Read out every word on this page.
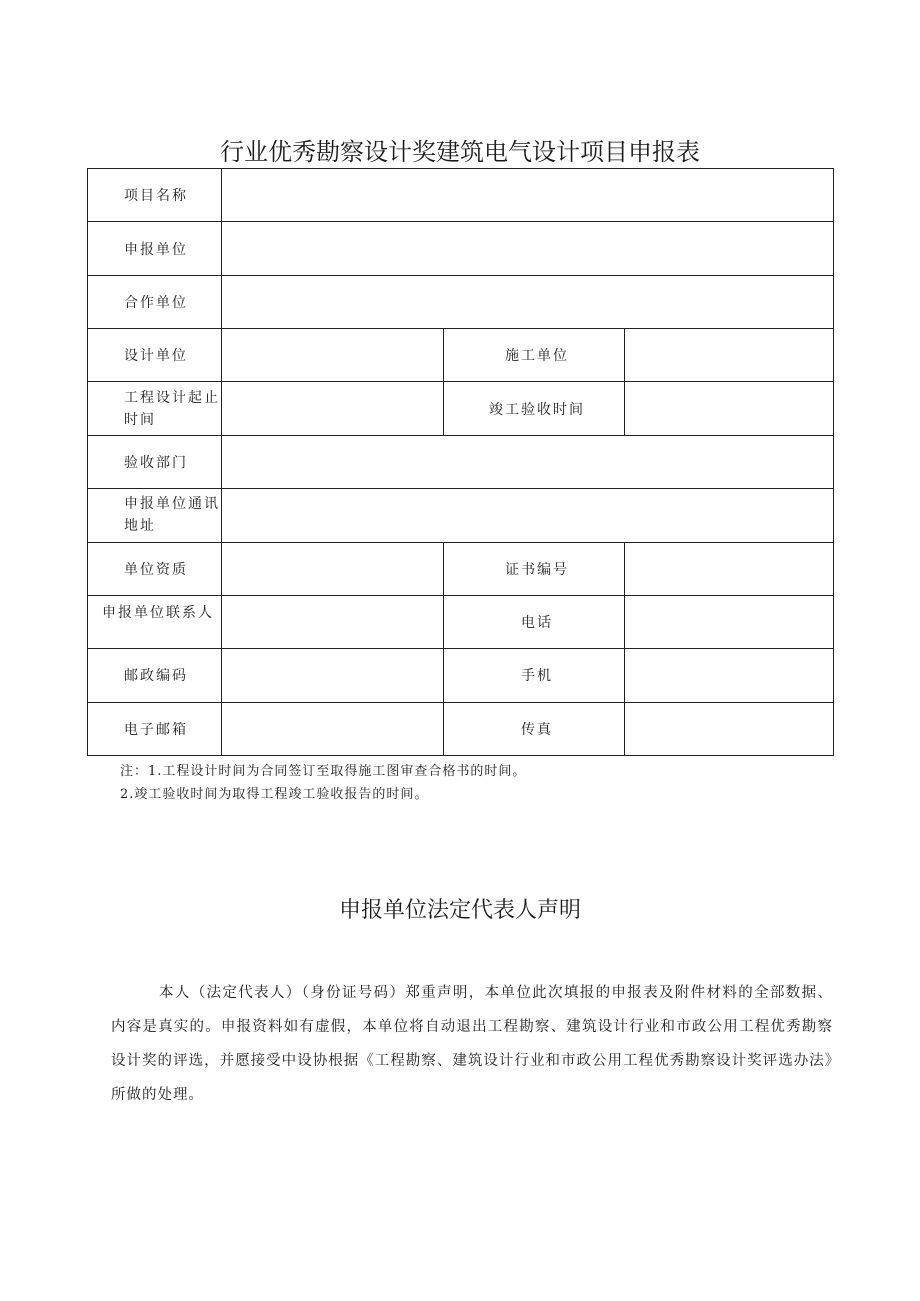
行业优秀勘察设计奖建筑电气设计项目申报表
项目名称			
申报单位			
合作单位			
设计单位		施工单位	

工程设计起止
时间		竣工验收时间	
验收部门			

申报单位通讯
地址			

单位资质		证书编号	
申报单位联系人		电话	
邮政编码		手机	
电子邮箱		传真	
注：1.工程设计时间为合同签订至取得施工图审查合格书的时间。
2.竣工验收时间为取得工程竣工验收报告的时间。
申报单位法定代表人声明
本人（法定代表人）（身份证号码）郑重声明，本单位此次填报的申报表及附件材料的全部数据、内容是真实的。申报资料如有虚假，本单位将自动退出工程勘察、建筑设计行业和市政公用工程优秀勘察设计奖的评选，并愿接受中设协根据《工程勘察、建筑设计行业和市政公用工程优秀勘察设计奖评选办法》所做的处理。
